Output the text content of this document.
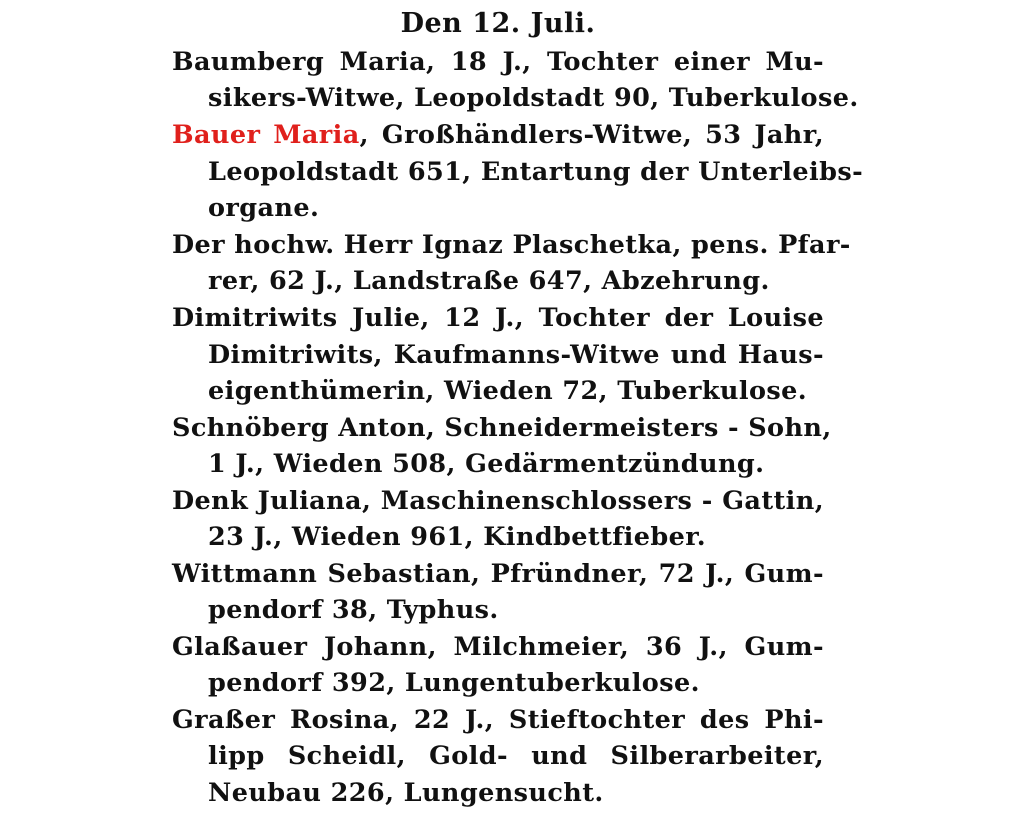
Den 12. Juli.
Baumberg Maria, 18 J., Tochter einer Mu-
sikers-Witwe, Leopoldstadt 90, Tuberkulose.
Bauer Maria, Großhändlers-Witwe, 53 Jahr,
Leopoldstadt 651, Entartung der Unterleibs-
organe.
Der hochw. Herr Ignaz Plaschetka, pens. Pfar-
rer, 62 J., Landstraße 647, Abzehrung.
Dimitriwits Julie, 12 J., Tochter der Louise
Dimitriwits, Kaufmanns-Witwe und Haus-
eigenthümerin, Wieden 72, Tuberkulose.
Schnöberg Anton, Schneidermeisters - Sohn,
1 J., Wieden 508, Gedärmentzündung.
Denk Juliana, Maschinenschlossers - Gattin,
23 J., Wieden 961, Kindbettfieber.
Wittmann Sebastian, Pfründner, 72 J., Gum-
pendorf 38, Typhus.
Glaßauer Johann, Milchmeier, 36 J., Gum-
pendorf 392, Lungentuberkulose.
Graßer Rosina, 22 J., Stieftochter des Phi-
lipp Scheidl, Gold- und Silberarbeiter,
Neubau 226, Lungensucht.
